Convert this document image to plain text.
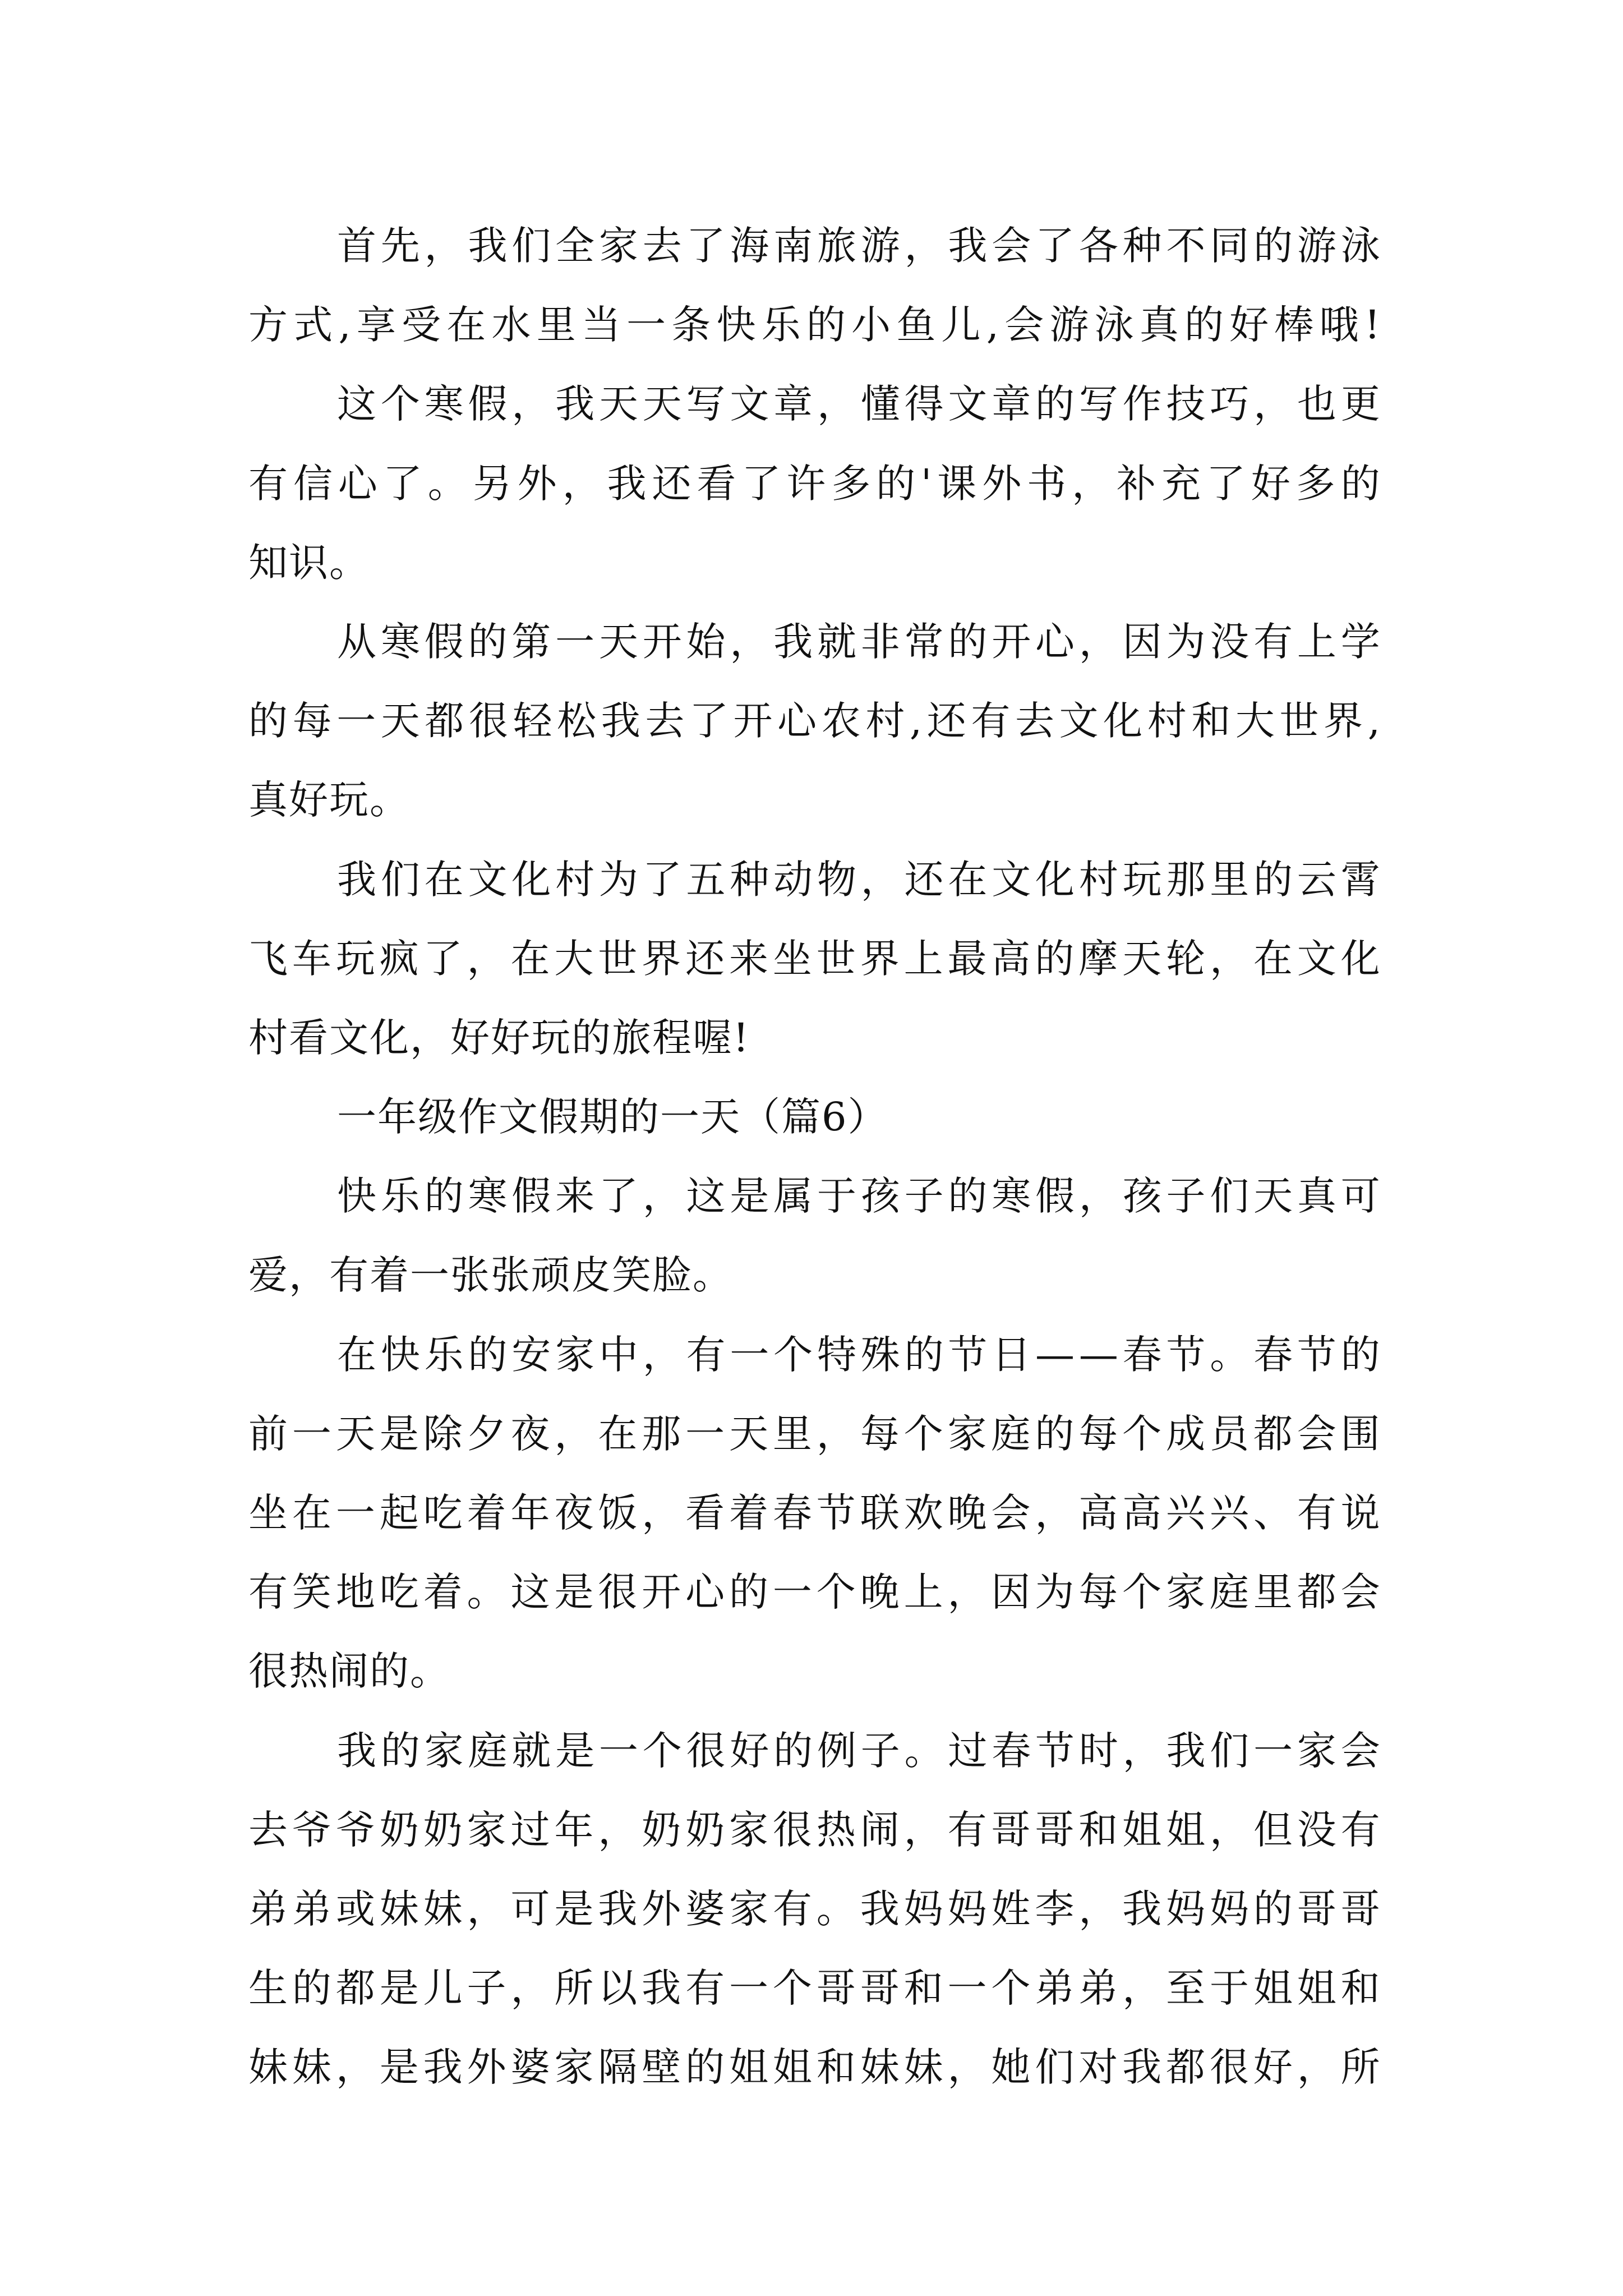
首 先 ， 我 们 全 家 去 了 海 南 旅 游 ， 我 会 了 各 种 不 同 的 游 泳
方 式 , 享 受 在 水 里 当 一 条 快 乐 的 小 鱼 儿 , 会 游 泳 真 的 好 棒 哦 !
这 个 寒 假 ， 我 天 天 写 文 章 ， 懂 得 文 章 的 写 作 技 巧 ， 也 更
有 信 心 了 。 另 外 ， 我 还 看 了 许 多 的 ' 课 外 书 ， 补 充 了 好 多 的
知识。
从 寒 假 的 第 一 天 开 始 ， 我 就 非 常 的 开 心 ， 因 为 没 有 上 学
的 每 一 天 都 很 轻 松 我 去 了 开 心 农 村 , 还 有 去 文 化 村 和 大 世 界 ,
真好玩。
我 们 在 文 化 村 为 了 五 种 动 物 ， 还 在 文 化 村 玩 那 里 的 云 霄
飞 车 玩 疯 了 ， 在 大 世 界 还 来 坐 世 界 上 最 高 的 摩 天 轮 ， 在 文 化
村看文化，好好玩的旅程喔!
一年级作文假期的一天（篇6）
快 乐 的 寒 假 来 了 ， 这 是 属 于 孩 子 的 寒 假 ， 孩 子 们 天 真 可
爱，有着一张张顽皮笑脸。
在 快 乐 的 安 家 中 ， 有 一 个 特 殊 的 节 日 — — 春 节 。 春 节 的
前 一 天 是 除 夕 夜 ， 在 那 一 天 里 ， 每 个 家 庭 的 每 个 成 员 都 会 围
坐 在 一 起 吃 着 年 夜 饭 ， 看 着 春 节 联 欢 晚 会 ， 高 高 兴 兴 、 有 说
有 笑 地 吃 着 。 这 是 很 开 心 的 一 个 晚 上 ， 因 为 每 个 家 庭 里 都 会
很热闹的。
我 的 家 庭 就 是 一 个 很 好 的 例 子 。 过 春 节 时 ， 我 们 一 家 会
去 爷 爷 奶 奶 家 过 年 ， 奶 奶 家 很 热 闹 ， 有 哥 哥 和 姐 姐 ， 但 没 有
弟 弟 或 妹 妹 ， 可 是 我 外 婆 家 有 。 我 妈 妈 姓 李 ， 我 妈 妈 的 哥 哥
生 的 都 是 儿 子 ， 所 以 我 有 一 个 哥 哥 和 一 个 弟 弟 ， 至 于 姐 姐 和
妹 妹 ， 是 我 外 婆 家 隔 壁 的 姐 姐 和 妹 妹 ， 她 们 对 我 都 很 好 ， 所
